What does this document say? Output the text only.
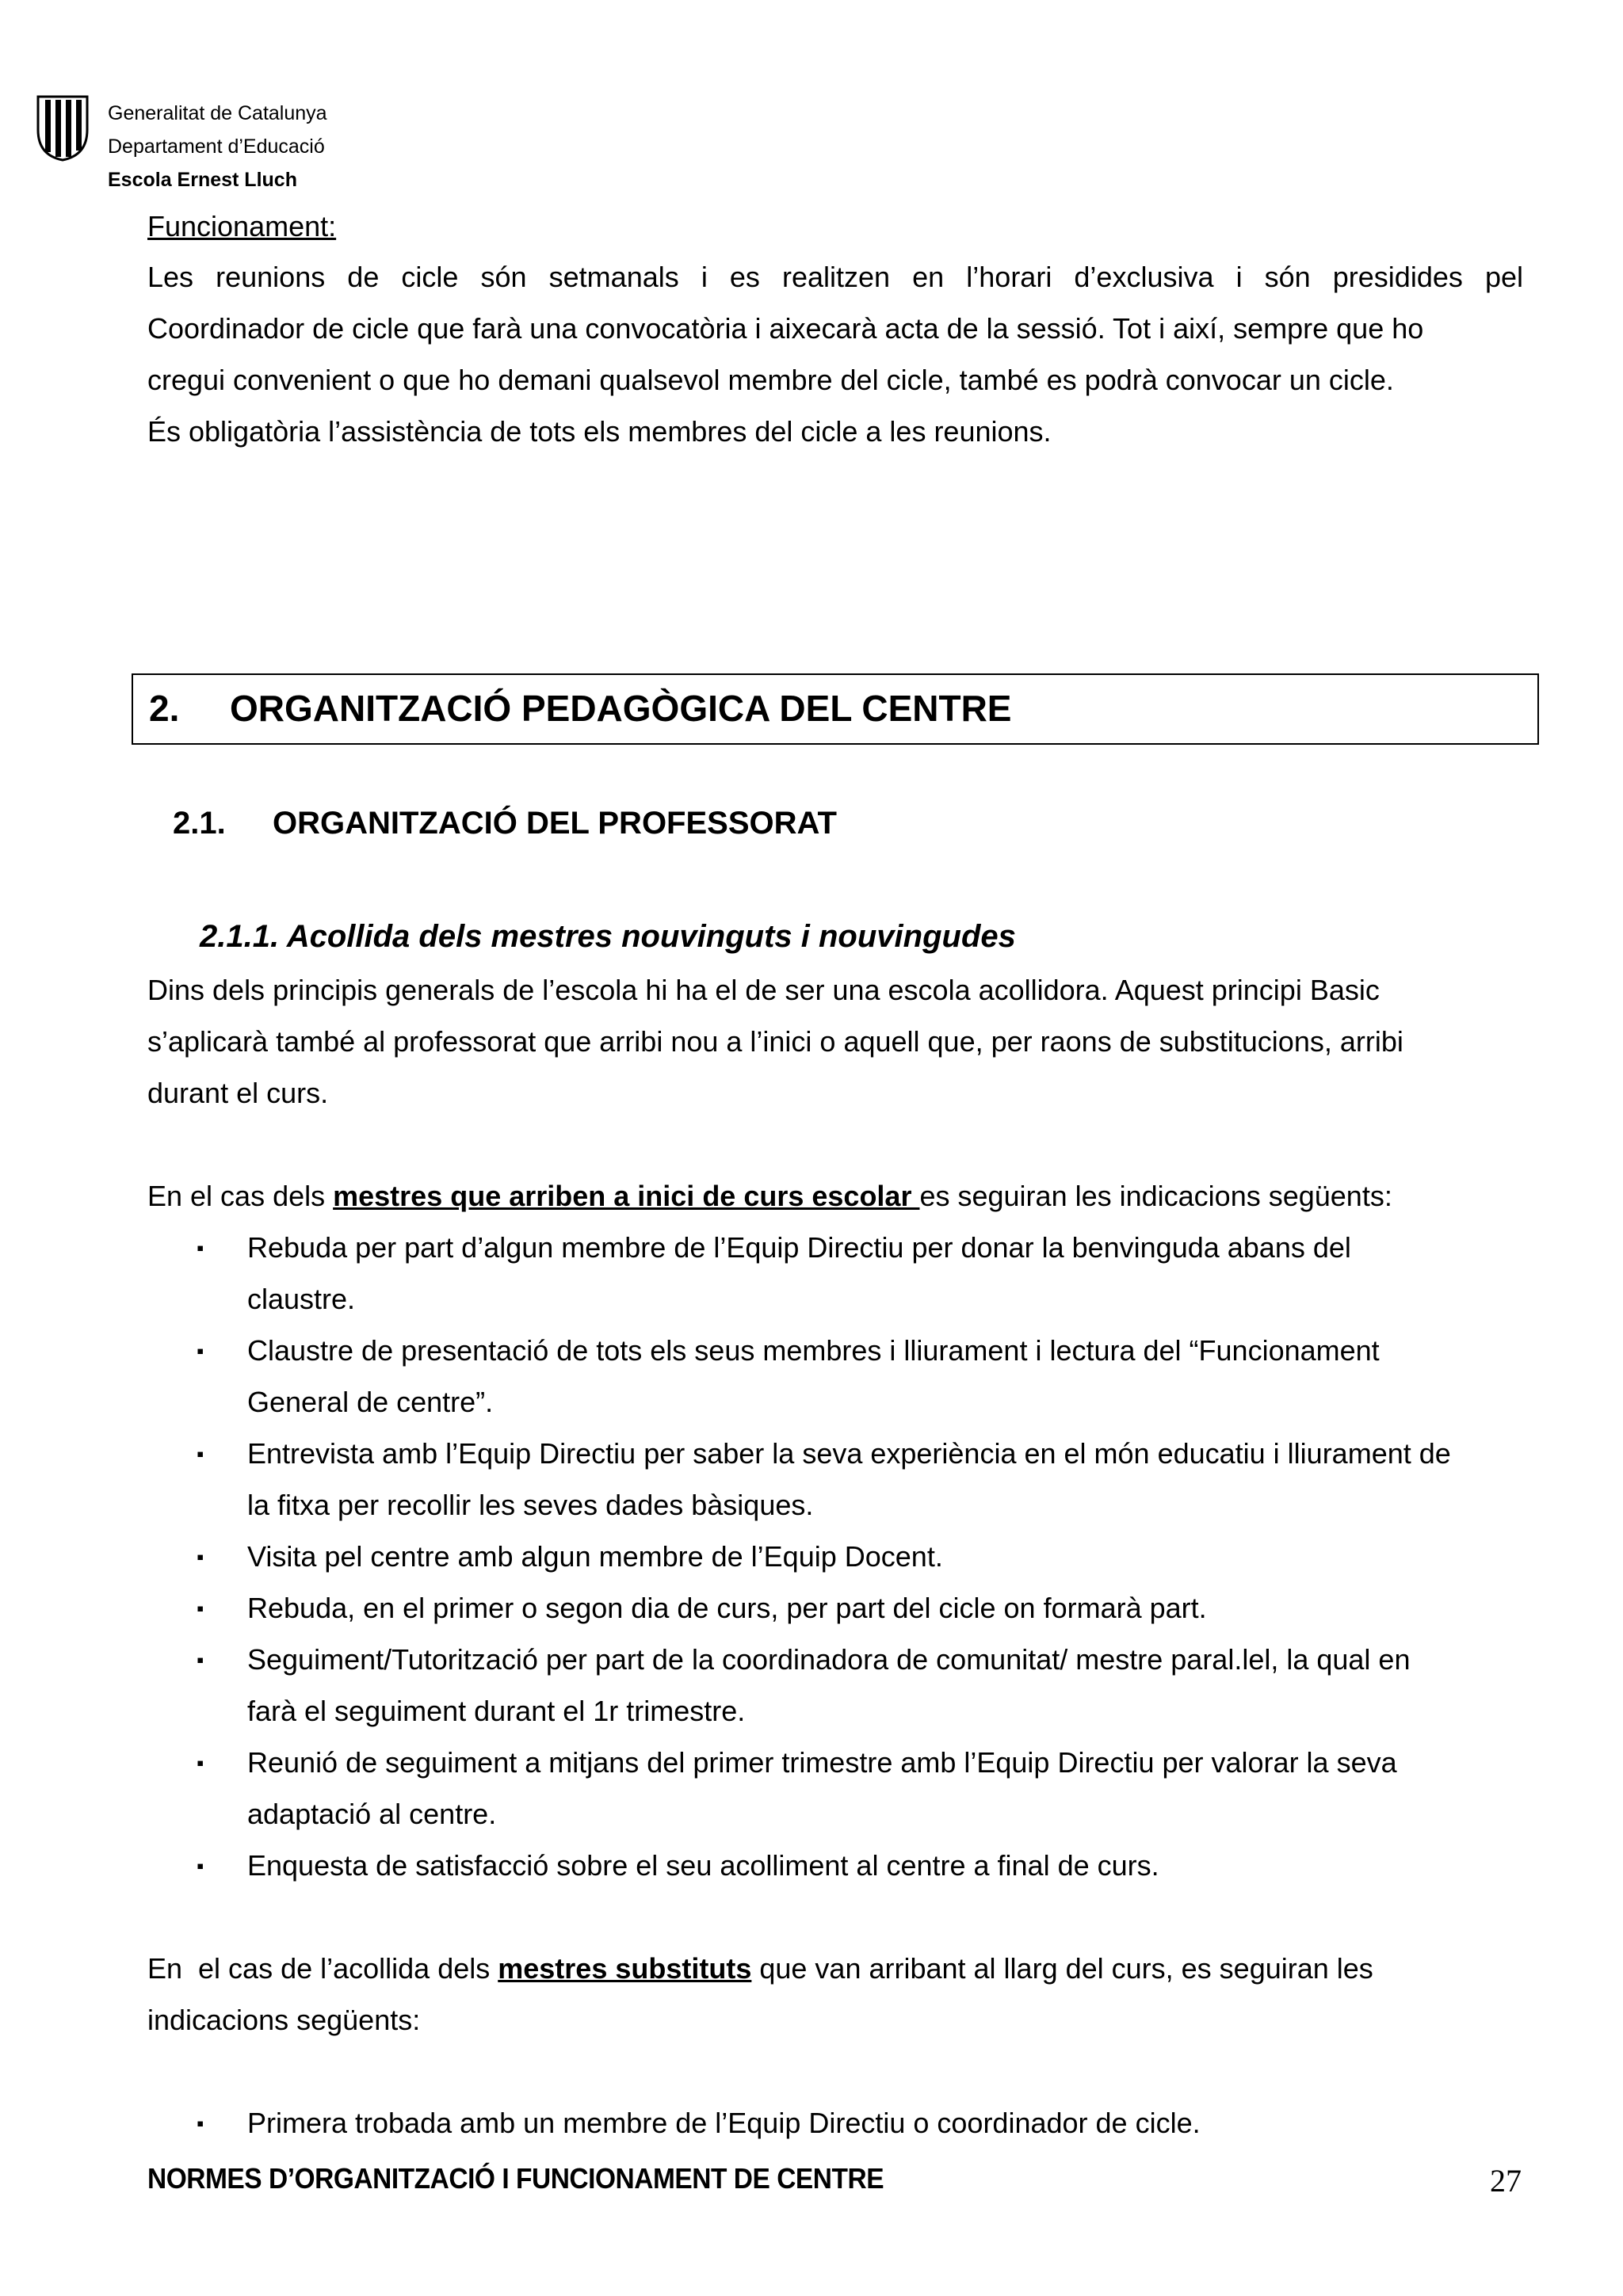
Generalitat de Catalunya
Departament d’Educació
Escola Ernest Lluch
Funcionament:
Les reunions de cicle són setmanals i es realitzen en l’horari d’exclusiva i són presidides pel
Coordinador de cicle que farà una convocatòria i aixecarà acta de la sessió. Tot i així, sempre que ho
cregui convenient o que ho demani qualsevol membre del cicle, també es podrà convocar un cicle.
És obligatòria l’assistència de tots els membres del cicle a les reunions.
2. ORGANITZACIÓ PEDAGÒGICA DEL CENTRE
2.1. ORGANITZACIÓ DEL PROFESSORAT
2.1.1. Acollida dels mestres nouvinguts i nouvingudes
Dins dels principis generals de l’escola hi ha el de ser una escola acollidora. Aquest principi Basic
s’aplicarà també al professorat que arribi nou a l’inici o aquell que, per raons de substitucions, arribi
durant el curs.
En el cas dels mestres que arriben a inici de curs escolar es seguiran les indicacions següents:
▪ Rebuda per part d’algun membre de l’Equip Directiu per donar la benvinguda abans del
claustre.
▪ Claustre de presentació de tots els seus membres i lliurament i lectura del “Funcionament
General de centre”.
▪ Entrevista amb l’Equip Directiu per saber la seva experiència en el món educatiu i lliurament de
la fitxa per recollir les seves dades bàsiques.
▪ Visita pel centre amb algun membre de l’Equip Docent.
▪ Rebuda, en el primer o segon dia de curs, per part del cicle on formarà part.
▪ Seguiment/Tutorització per part de la coordinadora de comunitat/ mestre paral.lel, la qual en
farà el seguiment durant el 1r trimestre.
▪ Reunió de seguiment a mitjans del primer trimestre amb l’Equip Directiu per valorar la seva
adaptació al centre.
▪ Enquesta de satisfacció sobre el seu acolliment al centre a final de curs.
En  el cas de l’acollida dels mestres substituts que van arribant al llarg del curs, es seguiran les
indicacions següents:
▪ Primera trobada amb un membre de l’Equip Directiu o coordinador de cicle.
NORMES D’ORGANITZACIÓ I FUNCIONAMENT DE CENTRE	27
